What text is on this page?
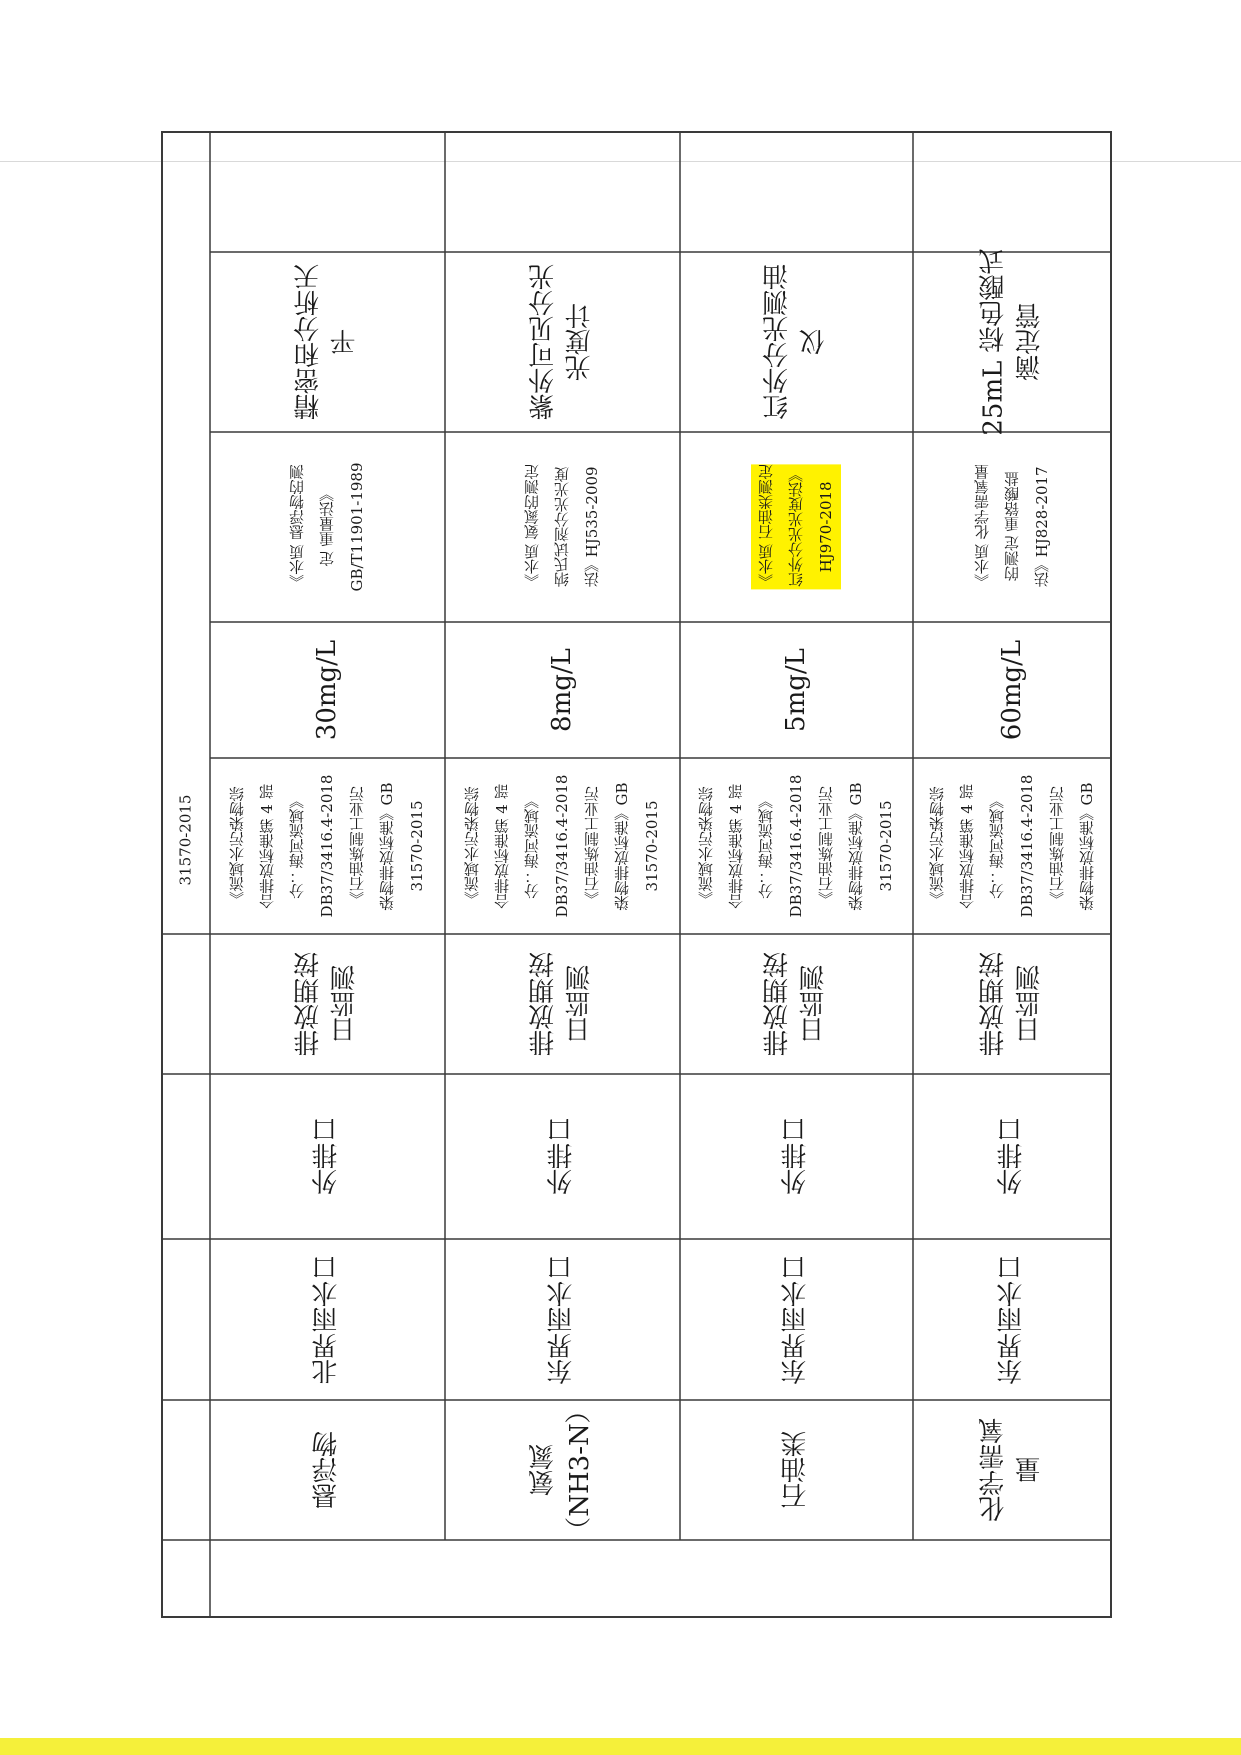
31570-2015
悬浮物
北界雨水口
外排口
排放期按
日监测
《流域水污染物综
合排放标准第 4 部
分：海河流域》
DB37/3416.4-2018
《石油炼制工业污
染物排放标准》GB
31570-2015
30mg/L
《水质 悬浮物的测
定 重量法》
GB/T11901-1989
精密和分析天
平
氨氮
（NH3-N）
东界雨水口
外排口
排放期按
日监测
《流域水污染物综
合排放标准第 4 部
分：海河流域》
DB37/3416.4-2018
《石油炼制工业污
染物排放标准》GB
31570-2015
8mg/L
《水质 氨氮的测定
纳氏试剂分光光度
法》HJ535-2009
紫外可见分光
光度计
石油类
东界雨水口
外排口
排放期按
日监测
《流域水污染物综
合排放标准第 4 部
分：海河流域》
DB37/3416.4-2018
《石油炼制工业污
染物排放标准》GB
31570-2015
5mg/L
《水质 石油类测定
红外分光光度法》
HJ970-2018
红外分光测油
仪
化学需氧
量
东界雨水口
外排口
排放期按
日监测
《流域水污染物综
合排放标准第 4 部
分：海河流域》
DB37/3416.4-2018
《石油炼制工业污
染物排放标准》GB
60mg/L
《水质 化学需氧量
的测定 重铬酸盐
法》HJ828-2017
25mL 棕色酸式
滴定管
